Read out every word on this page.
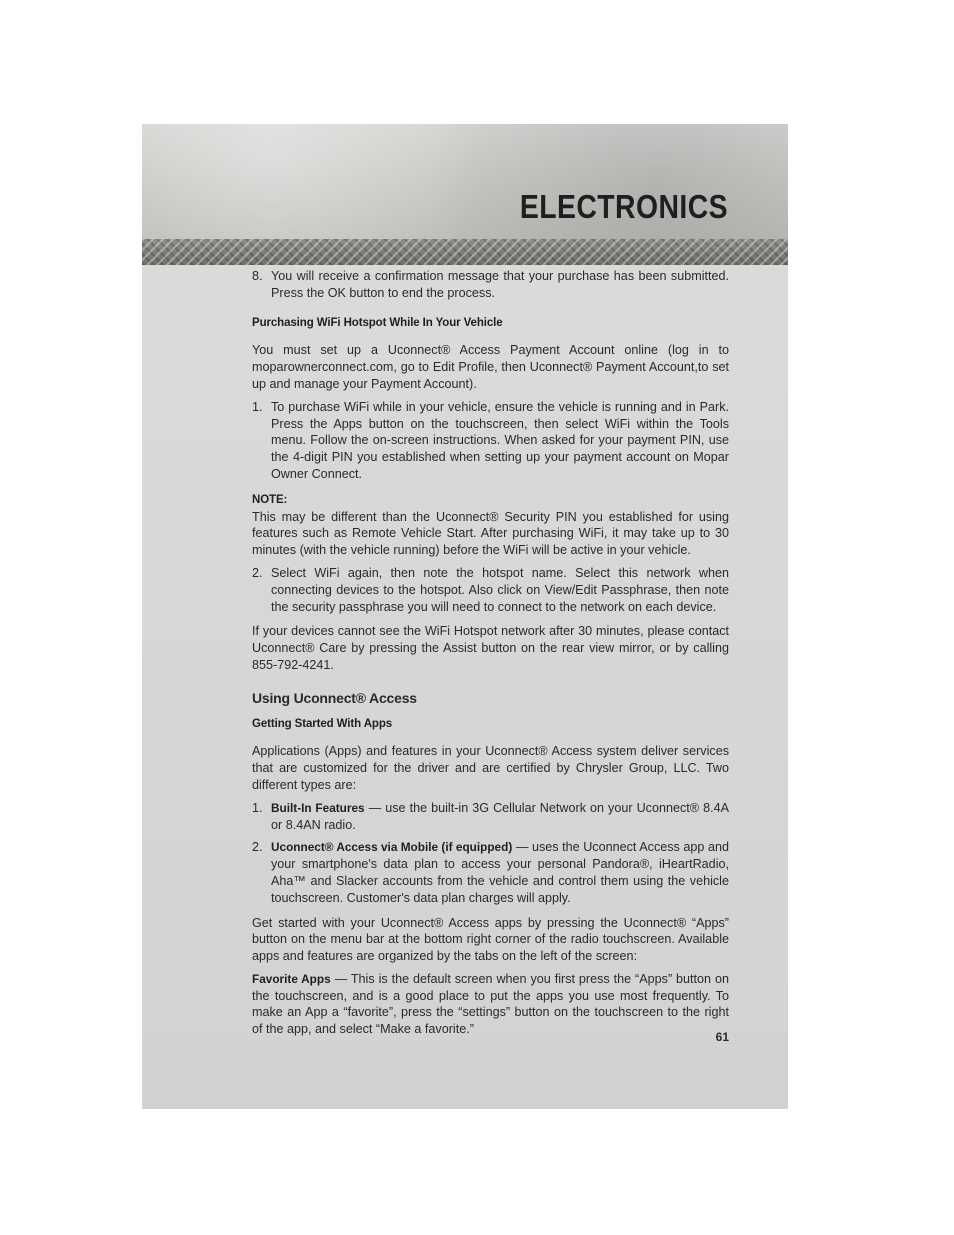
ELECTRONICS
8. You will receive a confirmation message that your purchase has been submitted. Press the OK button to end the process.

Purchasing WiFi Hotspot While In Your Vehicle

You must set up a Uconnect® Access Payment Account online (log in to moparownerconnect.com, go to Edit Profile, then Uconnect® Payment Account,to set up and manage your Payment Account).

1. To purchase WiFi while in your vehicle, ensure the vehicle is running and in Park. Press the Apps button on the touchscreen, then select WiFi within the Tools menu. Follow the on-screen instructions. When asked for your payment PIN, use the 4-digit PIN you established when setting up your payment account on Mopar Owner Connect.

NOTE:

This may be different than the Uconnect® Security PIN you established for using features such as Remote Vehicle Start. After purchasing WiFi, it may take up to 30 minutes (with the vehicle running) before the WiFi will be active in your vehicle.

2. Select WiFi again, then note the hotspot name. Select this network when connecting devices to the hotspot. Also click on View/Edit Passphrase, then note the security passphrase you will need to connect to the network on each device.

If your devices cannot see the WiFi Hotspot network after 30 minutes, please contact Uconnect® Care by pressing the Assist button on the rear view mirror, or by calling 855-792-4241.

Using Uconnect® Access

Getting Started With Apps

Applications (Apps) and features in your Uconnect® Access system deliver services that are customized for the driver and are certified by Chrysler Group, LLC. Two different types are:

1. Built-In Features — use the built-in 3G Cellular Network on your Uconnect® 8.4A or 8.4AN radio.
2. Uconnect® Access via Mobile (if equipped) — uses the Uconnect Access app and your smartphone's data plan to access your personal Pandora®, iHeartRadio, Aha™ and Slacker accounts from the vehicle and control them using the vehicle touchscreen. Customer's data plan charges will apply.

Get started with your Uconnect® Access apps by pressing the Uconnect® “Apps” button on the menu bar at the bottom right corner of the radio touchscreen. Available apps and features are organized by the tabs on the left of the screen:

Favorite Apps — This is the default screen when you first press the “Apps” button on the touchscreen, and is a good place to put the apps you use most frequently. To make an App a “favorite”, press the “settings” button on the touchscreen to the right of the app, and select “Make a favorite.”

61
